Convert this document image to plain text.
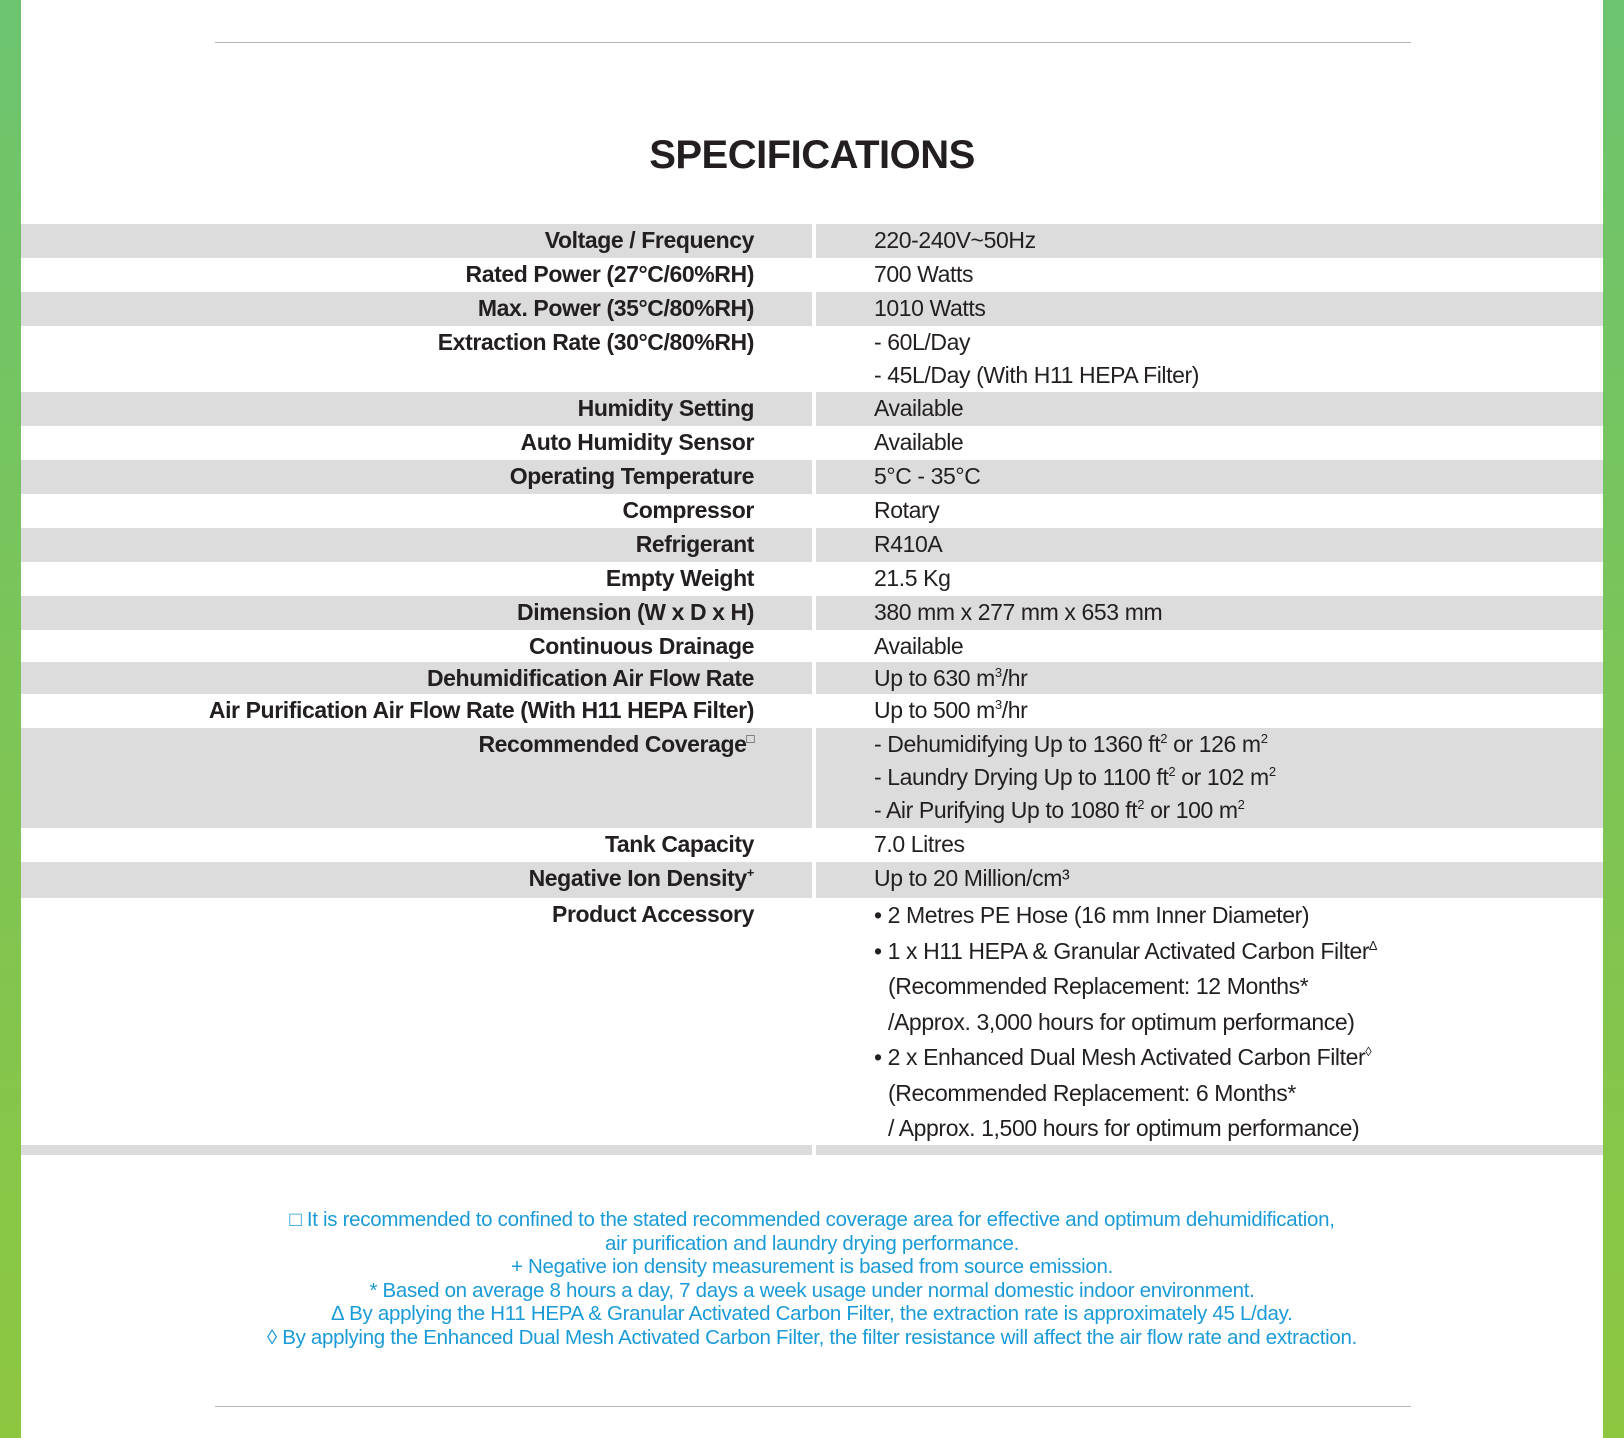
SPECIFICATIONS
Voltage / Frequency	220-240V~50Hz
Rated Power (27°C/60%RH)	700 Watts
Max. Power (35°C/80%RH)	1010 Watts
Extraction Rate (30°C/80%RH)	- 60L/Day
- 45L/Day (With H11 HEPA Filter)
Humidity Setting	Available
Auto Humidity Sensor	Available
Operating Temperature	5°C - 35°C
Compressor	Rotary
Refrigerant	R410A
Empty Weight	21.5 Kg
Dimension (W x D x H)	380 mm x 277 mm x 653 mm
Continuous Drainage	Available
Dehumidification Air Flow Rate	Up to 630 $m^3/hr$
Air Purification Air Flow Rate (With H11 HEPA Filter)	Up to 500 $m^3/hr$
Recommended Coverage□	- Dehumidifying Up to 1360 $ft^2$ or 126 $m^2$
- Laundry Drying Up to 1100 $ft^2$ or 102 $m^2$
- Air Purifying Up to 1080 $ft^2$ or 100 $m^2$
Tank Capacity	7.0 Litres
Negative Ion Density+	Up to 20 Million/cm³
Product Accessory	• 2 Metres PE Hose (16 mm Inner Diameter)
• 1 x H11 HEPA & Granular Activated Carbon Filter∆
(Recommended Replacement: 12 Months*
/Approx. 3,000 hours for optimum performance)
• 2 x Enhanced Dual Mesh Activated Carbon Filter◊
(Recommended Replacement: 6 Months*
/ Approx. 1,500 hours for optimum performance)
□ It is recommended to confined to the stated recommended coverage area for effective and optimum dehumidification,
air purification and laundry drying performance.
+ Negative ion density measurement is based from source emission.
* Based on average 8 hours a day, 7 days a week usage under normal domestic indoor environment.
∆ By applying the H11 HEPA & Granular Activated Carbon Filter, the extraction rate is approximately 45 L/day.
◊ By applying the Enhanced Dual Mesh Activated Carbon Filter, the filter resistance will affect the air flow rate and extraction.
